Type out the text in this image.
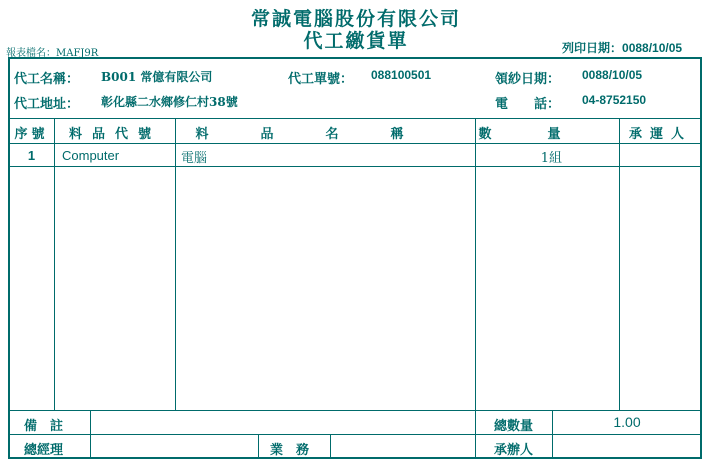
常誠電腦股份有限公司
代工繳貨單
報表檔名：MAFJ9R	列印日期：0088/10/05
代工名稱： B001 常億有限公司	代工單號： 088100501	領紗日期： 0088/10/05
代工地址： 彰化縣二水鄉修仁村38號	電　　話： 04-8752150
序號	料品代號	料品名稱	數量 承運人
1	Computer	電腦	1組
備　註	總數量	1.00
總經理	業　務	承辦人
